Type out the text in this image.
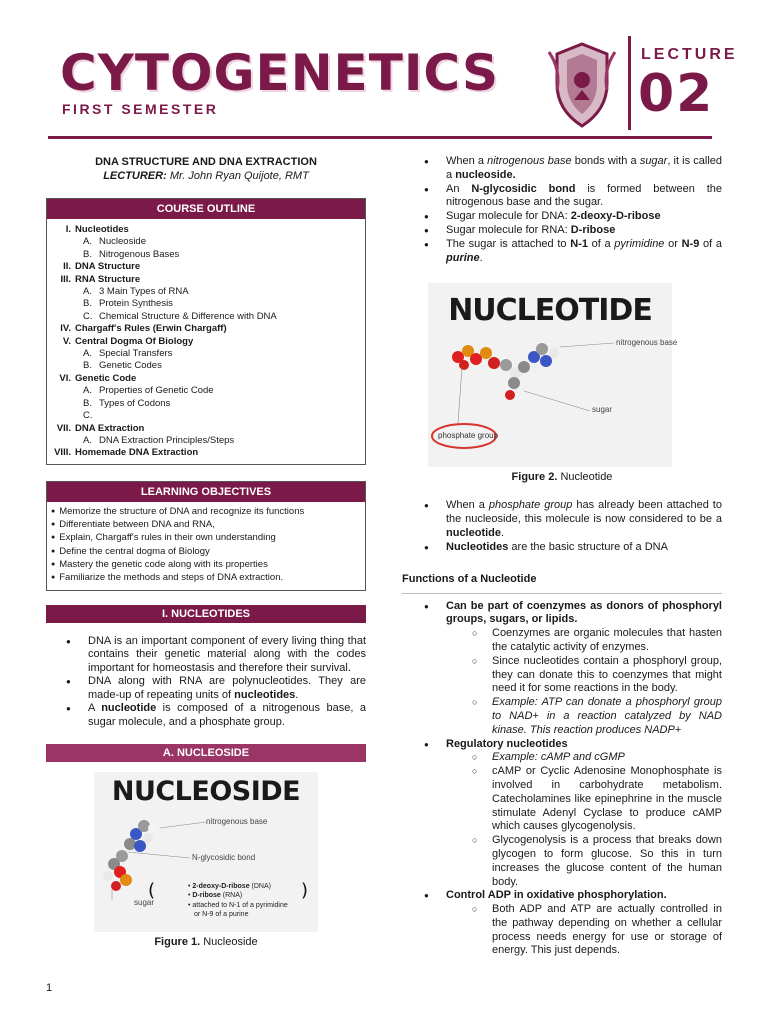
CYTOGENETICS
FIRST SEMESTER
LECTURE
02
DNA STRUCTURE AND DNA EXTRACTION
LECTURER: Mr. John Ryan Quijote, RMT
COURSE OUTLINE
I. Nucleotides
A. Nucleoside
B. Nitrogenous Bases
II. DNA Structure
III. RNA Structure
A. 3 Main Types of RNA
B. Protein Synthesis
C. Chemical Structure & Difference with DNA
IV. Chargaff's Rules (Erwin Chargaff)
V. Central Dogma Of Biology
A. Special Transfers
B. Genetic Codes
VI. Genetic Code
A. Properties of Genetic Code
B. Types of Codons
C.
VII. DNA Extraction
A. DNA Extraction Principles/Steps
VIII. Homemade DNA Extraction
LEARNING OBJECTIVES
● Memorize the structure of DNA and recognize its functions
● Differentiate between DNA and RNA,
● Explain, Chargaff's rules in their own understanding
● Define the central dogma of Biology
● Mastery the genetic code along with its properties
● Familiarize the methods and steps of DNA extraction.
I. NUCLEOTIDES
● DNA is an important component of every living thing that contains their genetic material along with the codes important for homeostasis and therefore their survival.
● DNA along with RNA are polynucleotides. They are made-up of repeating units of nucleotides.
● A nucleotide is composed of a nitrogenous base, a sugar molecule, and a phosphate group.
A. NUCLEOSIDE
NUCLEOSIDE
(	)
nitrogenous base
N-glycosidic bond
sugar
• 2-deoxy-D-ribose (DNA)
• D-ribose (RNA)
• attached to N-1 of a pyrimidine
or N-9 of a purine
Figure 1. Nucleoside
● When a nitrogenous base bonds with a sugar, it is called a nucleoside.
● An N-glycosidic bond is formed between the nitrogenous base and the sugar.
● Sugar molecule for DNA: 2-deoxy-D-ribose
● Sugar molecule for RNA: D-ribose
● The sugar is attached to N-1 of a pyrimidine or N-9 of a purine.
NUCLEOTIDE
nitrogenous base
sugar
phosphate group
Figure 2. Nucleotide
● When a phosphate group has already been attached to the nucleoside, this molecule is now considered to be a nucleotide.
● Nucleotides are the basic structure of a DNA
Functions of a Nucleotide
● Can be part of coenzymes as donors of phosphoryl groups, sugars, or lipids.
○ Coenzymes are organic molecules that hasten the catalytic activity of enzymes.
○ Since nucleotides contain a phosphoryl group, they can donate this to coenzymes that might need it for some reactions in the body.
○ Example: ATP can donate a phosphoryl group to NAD+ in a reaction catalyzed by NAD kinase. This reaction produces NADP+
● Regulatory nucleotides
○ Example: cAMP and cGMP
○ cAMP or Cyclic Adenosine Monophosphate is involved in carbohydrate metabolism. Catecholamines like epinephrine in the muscle stimulate Adenyl Cyclase to produce cAMP which causes glycogenolysis.
○ Glycogenolysis is a process that breaks down glycogen to form glucose. So this in turn increases the glucose content of the human body.
● Control ADP in oxidative phosphorylation.
○ Both ADP and ATP are actually controlled in the pathway depending on whether a cellular process needs energy for use or storage of energy. This just depends.
1
